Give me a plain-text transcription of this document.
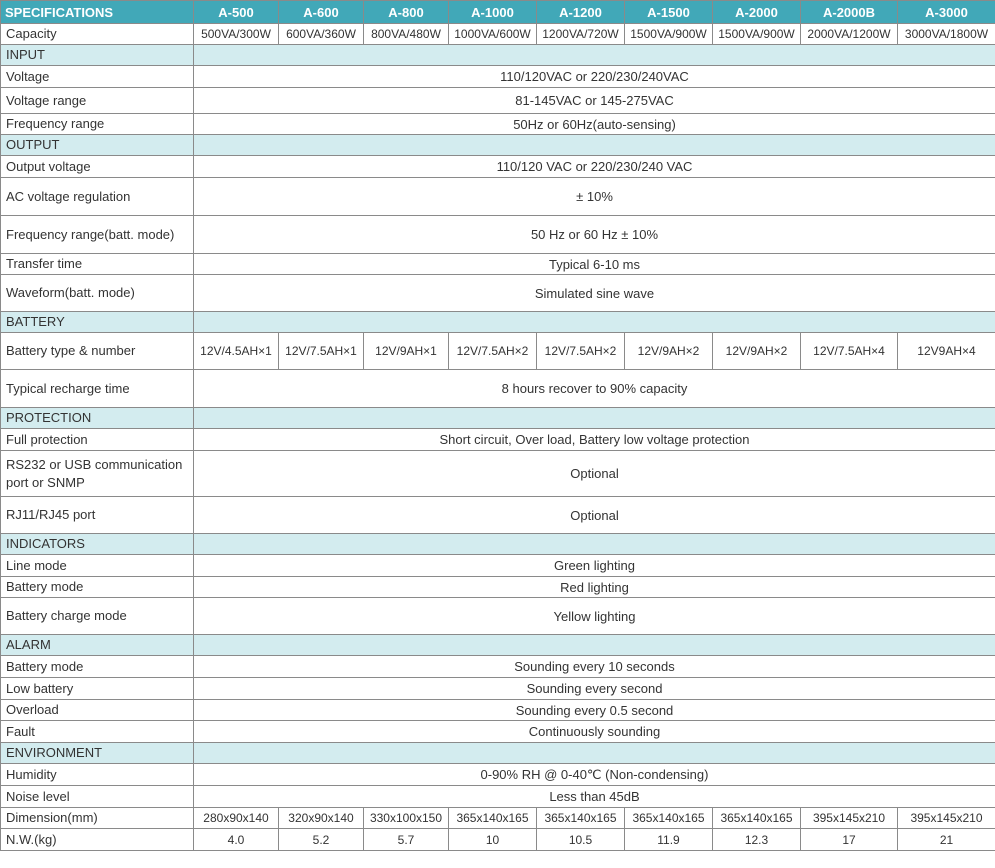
SPECIFICATIONS	A-500	A-600	A-800	A-1000	A-1200	A-1500	A-2000	A-2000B	A-3000
Capacity	500VA/300W	600VA/360W	800VA/480W	1000VA/600W	1200VA/720W	1500VA/900W	1500VA/900W	2000VA/1200W	3000VA/1800W
INPUT									
Voltage	110/120VAC or 220/230/240VAC								
Voltage range	81-145VAC or 145-275VAC								
Frequency range	50Hz or 60Hz(auto-sensing)								
OUTPUT									
Output voltage	110/120 VAC or 220/230/240 VAC								
AC voltage regulation	± 10%								
Frequency range(batt. mode)	50 Hz or 60 Hz ± 10%								
Transfer time	Typical 6-10 ms								
Waveform(batt. mode)	Simulated sine wave								
BATTERY									
Battery type & number	12V/4.5AH×1	12V/7.5AH×1	12V/9AH×1	12V/7.5AH×2	12V/7.5AH×2	12V/9AH×2	12V/9AH×2	12V/7.5AH×4	12V9AH×4
Typical recharge time	8 hours recover to 90% capacity								
PROTECTION									
Full protection	Short circuit, Over load, Battery low voltage protection								
RS232 or USB communication port or SNMP	Optional								
RJ11/RJ45 port	Optional								
INDICATORS									
Line mode	Green lighting								
Battery mode	Red lighting								
Battery charge mode	Yellow lighting								
ALARM									
Battery mode	Sounding every 10 seconds								
Low battery	Sounding every second								
Overload	Sounding every 0.5 second								
Fault	Continuously sounding								
ENVIRONMENT									
Humidity	0-90% RH @ 0-40℃ (Non-condensing)								
Noise level	Less than 45dB								
Dimension(mm)	280x90x140	320x90x140	330x100x150	365x140x165	365x140x165	365x140x165	365x140x165	395x145x210	395x145x210
N.W.(kg)	4.0	5.2	5.7	10	10.5	11.9	12.3	17	21
